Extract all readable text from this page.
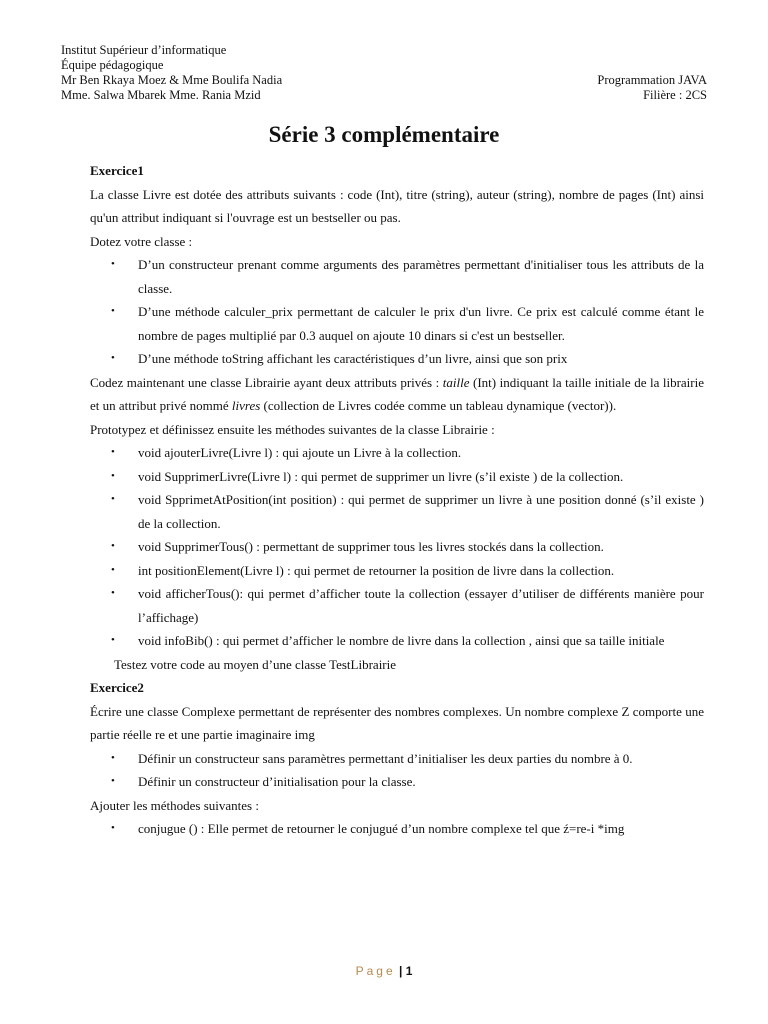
Institut Supérieur d’informatique
Équipe pédagogique
Mr Ben Rkaya Moez & Mme Boulifa Nadia	Programmation JAVA
Mme. Salwa Mbarek Mme. Rania Mzid	Filière : 2CS
Série 3 complémentaire

Exercice1

La classe Livre est dotée des attributs suivants : code (Int), titre (string), auteur (string), nombre de pages (Int) ainsi qu'un attribut indiquant si l'ouvrage est un bestseller ou pas.

Dotez votre classe :

• D’un constructeur prenant comme arguments des paramètres permettant d'initialiser tous les attributs de la classe.
• D’une méthode calculer_prix permettant de calculer le prix d'un livre. Ce prix est calculé comme étant le nombre de pages multiplié par 0.3 auquel on ajoute 10 dinars si c'est un bestseller.
• D’une méthode toString affichant les caractéristiques d’un livre, ainsi que son prix

Codez maintenant une classe Librairie ayant deux attributs privés : taille (Int) indiquant la taille initiale de la librairie et un attribut privé nommé livres (collection de Livres codée comme un tableau dynamique (vector)).

Prototypez et définissez ensuite les méthodes suivantes de la classe Librairie :

• void ajouterLivre(Livre l) : qui ajoute un Livre à la collection.
• void SupprimerLivre(Livre l) : qui permet de supprimer un livre (s’il existe ) de la collection.
• void SpprimetAtPosition(int position) : qui permet de supprimer un livre à une position donné (s’il existe ) de la collection.
• void SupprimerTous() : permettant de supprimer tous les livres stockés dans la collection.
• int positionElement(Livre l) : qui permet de retourner la position de livre dans la collection.
• void afficherTous(): qui permet d’afficher toute la collection (essayer d’utiliser de différents manière pour l’affichage)
• void infoBib() : qui permet d’afficher le nombre de livre dans la collection , ainsi que sa taille initiale

Testez votre code au moyen d’une classe TestLibrairie

Exercice2

Écrire une classe Complexe permettant de représenter des nombres complexes. Un nombre complexe Z comporte une partie réelle re et une partie imaginaire img

• Définir un constructeur sans paramètres permettant d’initialiser les deux parties du nombre à 0.
• Définir un constructeur d’initialisation pour la classe.

Ajouter les méthodes suivantes :

• conjugue () : Elle permet de retourner le conjugué d’un nombre complexe tel que ź=re-i *img
Page | 1
